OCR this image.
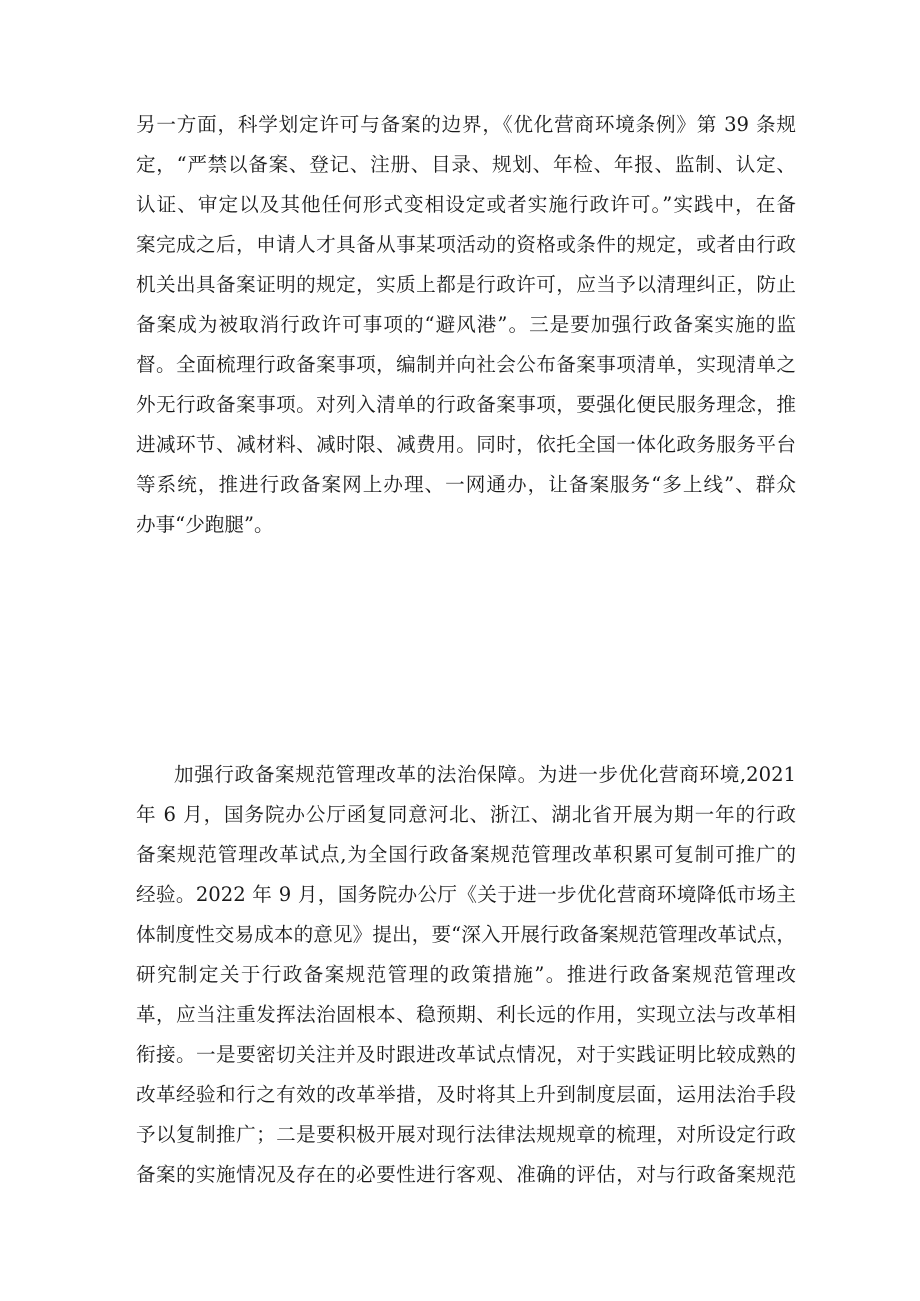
另一方面，科学划定许可与备案的边界，《优化营商环境条例》第 39 条规
定，“严禁以备案、登记、注册、目录、规划、年检、年报、监制、认定、
认证、审定以及其他任何形式变相设定或者实施行政许可。”实践中，在备
案完成之后，申请人才具备从事某项活动的资格或条件的规定，或者由行政
机关出具备案证明的规定，实质上都是行政许可，应当予以清理纠正，防止
备案成为被取消行政许可事项的“避风港”。三是要加强行政备案实施的监
督。全面梳理行政备案事项，编制并向社会公布备案事项清单，实现清单之
外无行政备案事项。对列入清单的行政备案事项，要强化便民服务理念，推
进减环节、减材料、减时限、减费用。同时，依托全国一体化政务服务平台
等系统，推进行政备案网上办理、一网通办，让备案服务“多上线”、群众
办事“少跑腿”。
加强行政备案规范管理改革的法治保障。为进一步优化营商环境,2021
年 6 月，国务院办公厅函复同意河北、浙江、湖北省开展为期一年的行政
备案规范管理改革试点,为全国行政备案规范管理改革积累可复制可推广的
经验。2022 年 9 月，国务院办公厅《关于进一步优化营商环境降低市场主
体制度性交易成本的意见》提出，要“深入开展行政备案规范管理改革试点，
研究制定关于行政备案规范管理的政策措施”。推进行政备案规范管理改
革，应当注重发挥法治固根本、稳预期、利长远的作用，实现立法与改革相
衔接。一是要密切关注并及时跟进改革试点情况，对于实践证明比较成熟的
改革经验和行之有效的改革举措，及时将其上升到制度层面，运用法治手段
予以复制推广；二是要积极开展对现行法律法规规章的梳理，对所设定行政
备案的实施情况及存在的必要性进行客观、准确的评估，对与行政备案规范
